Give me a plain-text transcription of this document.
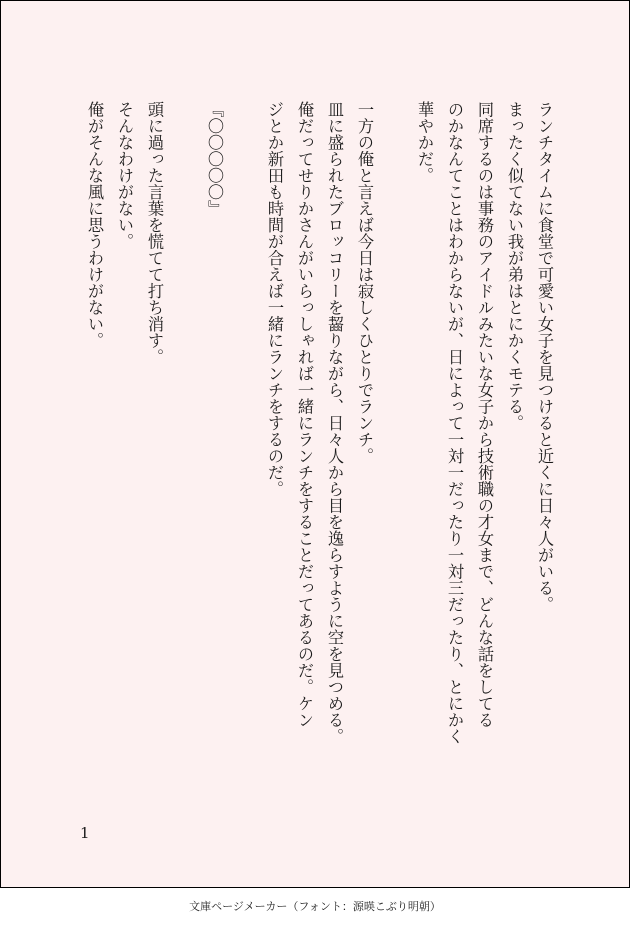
ランチタイムに食堂で可愛い女子を見つけると近くに日々人がいる。
まったく似てない我が弟はとにかくモテる。
同席するのは事務のアイドルみたいな女子から技術職の才女まで、どんな話をしてる
のかなんてことはわからないが、日によって一対一だったり一対三だったり、とにかく
華やかだ。
一方の俺と言えば今日は寂しくひとりでランチ。
皿に盛られたブロッコリーを齧りながら、日々人から目を逸らすように空を見つめる。
俺だってせりかさんがいらっしゃれば一緒にランチをすることだってあるのだ。ケン
ジとか新田も時間が合えば一緒にランチをするのだ。
『〇〇〇〇〇』
頭に過った言葉を慌てて打ち消す。
そんなわけがない。
俺がそんな風に思うわけがない。
1
文庫ページメーカー（フォント：源暎こぶり明朝）
